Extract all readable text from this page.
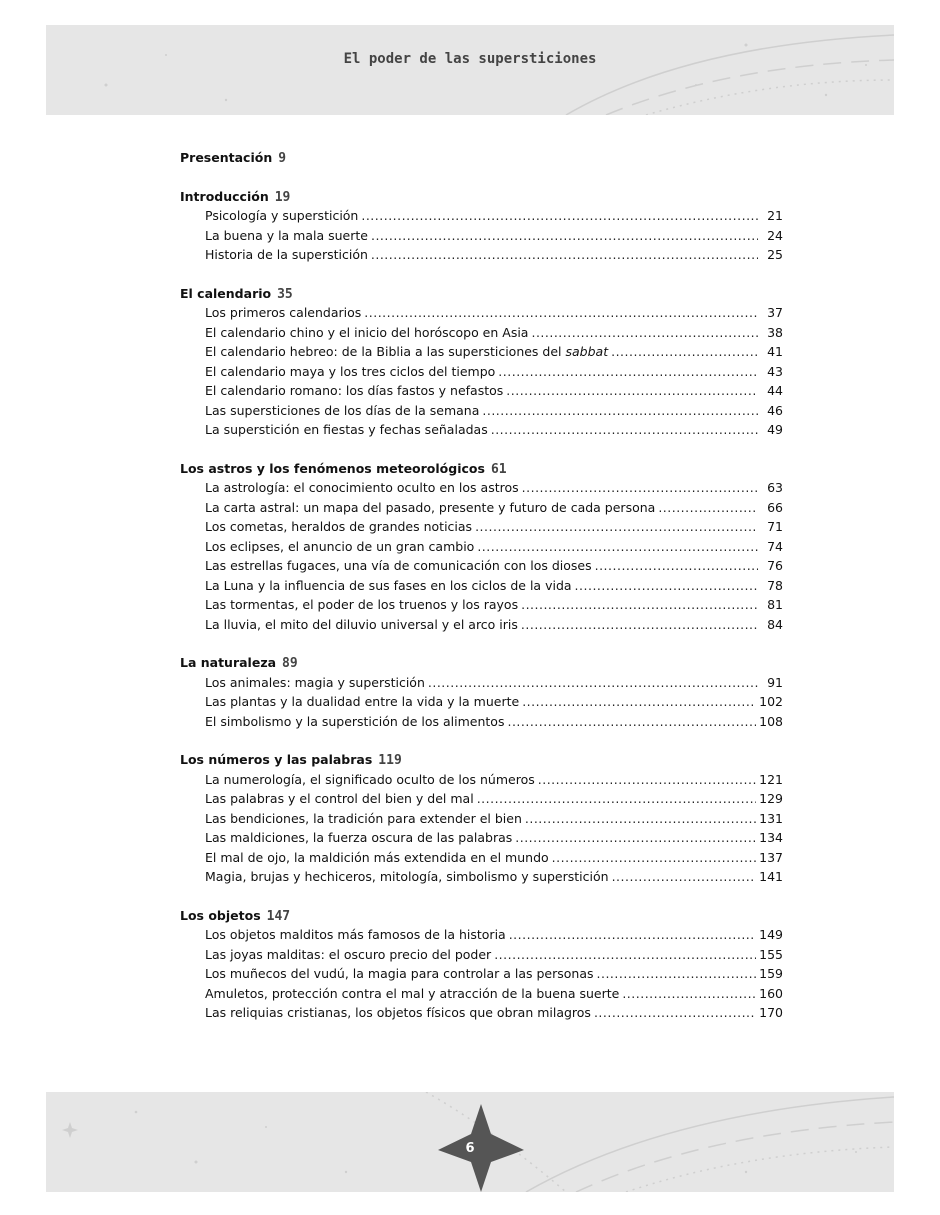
El poder de las supersticiones
Presentación 9
Introducción 19
Psicología y superstición .....	21
La buena y la mala suerte .....	24
Historia de la superstición .....	25
El calendario 35
Los primeros calendarios .....	37
El calendario chino y el inicio del horóscopo en Asia .....	38
El calendario hebreo: de la Biblia a las supersticiones del sabbat .....	41
El calendario maya y los tres ciclos del tiempo .....	43
El calendario romano: los días fastos y nefastos .....	44
Las supersticiones de los días de la semana .....	46
La superstición en fiestas y fechas señaladas .....	49
Los astros y los fenómenos meteorológicos 61
La astrología: el conocimiento oculto en los astros .....	63
La carta astral: un mapa del pasado, presente y futuro de cada persona .....	66
Los cometas, heraldos de grandes noticias .....	71
Los eclipses, el anuncio de un gran cambio .....	74
Las estrellas fugaces, una vía de comunicación con los dioses .....	76
La Luna y la influencia de sus fases en los ciclos de la vida .....	78
Las tormentas, el poder de los truenos y los rayos .....	81
La lluvia, el mito del diluvio universal y el arco iris .....	84
La naturaleza 89
Los animales: magia y superstición .....	91
Las plantas y la dualidad entre la vida y la muerte .....	102
El simbolismo y la superstición de los alimentos .....	108
Los números y las palabras 119
La numerología, el significado oculto de los números .....	121
Las palabras y el control del bien y del mal .....	129
Las bendiciones, la tradición para extender el bien .....	131
Las maldiciones, la fuerza oscura de las palabras .....	134
El mal de ojo, la maldición más extendida en el mundo .....	137
Magia, brujas y hechiceros, mitología, simbolismo y superstición .....	141
Los objetos 147
Los objetos malditos más famosos de la historia .....	149
Las joyas malditas: el oscuro precio del poder .....	155
Los muñecos del vudú, la magia para controlar a las personas .....	159
Amuletos, protección contra el mal y atracción de la buena suerte .....	160
Las reliquias cristianas, los objetos físicos que obran milagros .....	170
6
